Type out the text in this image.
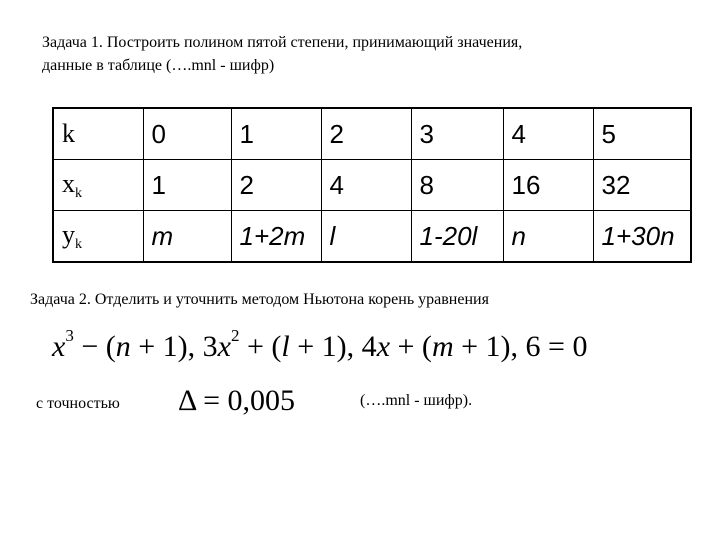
Задача 1. Построить полином пятой степени, принимающий значения,
данные в таблице (….mnl - шифр)
k	0	1	2	3	4	5
$x_k$	1	2	4	8	16	32
$y_k$	m	1+2m	l	1-20l	n	1+30n
Задача 2. Отделить и уточнить методом Ньютона корень уравнения
$x^3 - (n + 1)$, $3x^2 + (l + 1)$, 4x + (m + 1), 6 = 0
с точностью Δ = 0,005	(….mnl - шифр).
